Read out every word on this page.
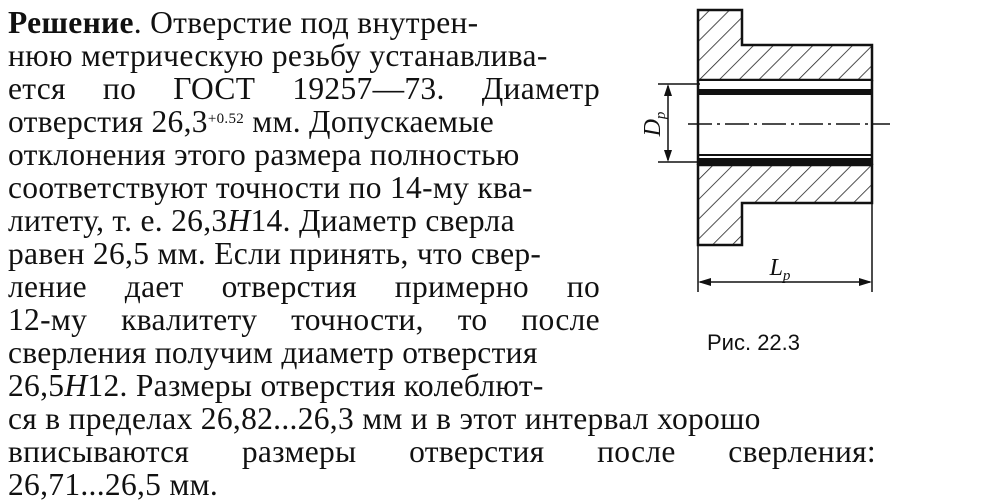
Решение. Отверстие под внутрен-
нюю метрическую резьбу устанавлива-
ется по ГОСТ 19257—73. Диаметр
отверстия $26,3^{+0.52}$ мм. Допускаемые
отклонения этого размера полностью
соответствуют точности по 14-му ква-
литету, т. е. 26,3H14. Диаметр сверла
равен 26,5 мм. Если принять, что свер-
ление дает отверстия примерно по
12-му квалитету точности, то после
сверления получим диаметр отверстия
26,5H12. Размеры отверстия колеблют-
ся в пределах 26,82...26,3 мм и в этот интервал хорошо
вписываются размеры отверстия после сверления:
26,71...26,5 мм.
$D_p$
$L_p$
Рис. 22.3
